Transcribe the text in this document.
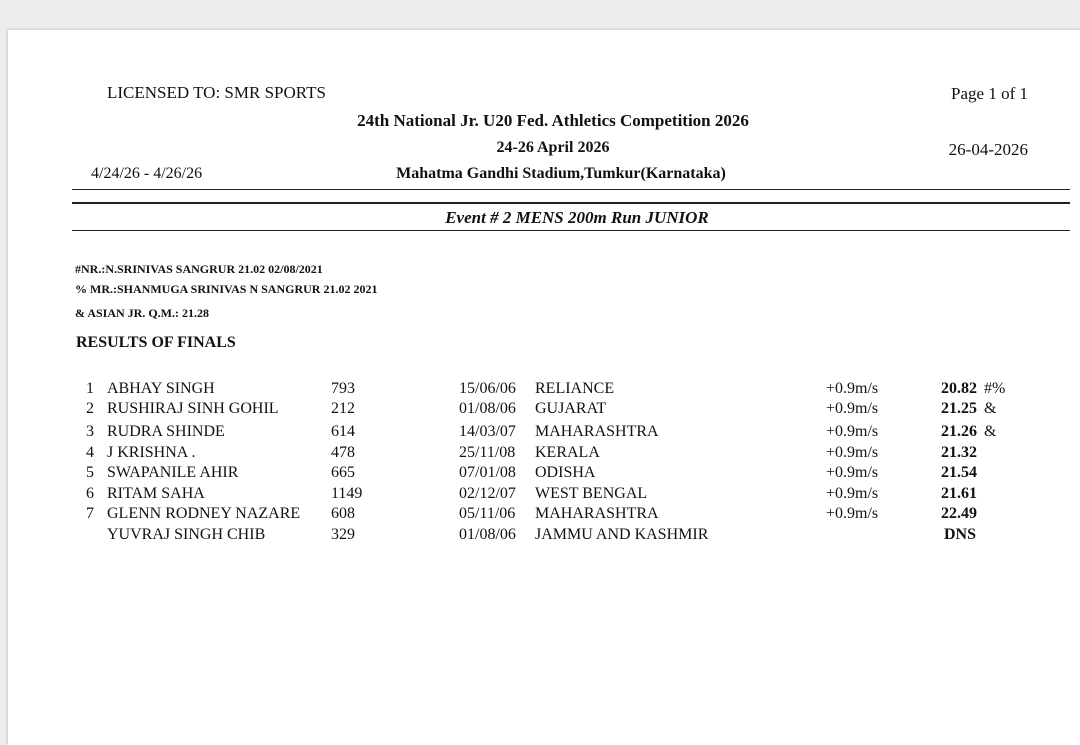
LICENSED TO: SMR SPORTS	Page 1 of 1
24th National Jr. U20 Fed. Athletics Competition 2026
24-26 April 2026	26-04-2026
4/24/26 - 4/26/26	Mahatma Gandhi Stadium,Tumkur(Karnataka)
Event # 2 MENS 200m Run JUNIOR
#NR.:N.SRINIVAS SANGRUR 21.02 02/08/2021
% MR.:SHANMUGA SRINIVAS N SANGRUR 21.02 2021
& ASIAN JR. Q.M.: 21.28
RESULTS OF FINALS
1 ABHAY SINGH	793	15/06/06 RELIANCE	+0.9m/s	20.82 #%
2 RUSHIRAJ SINH GOHIL	212	01/08/06 GUJARAT	+0.9m/s	21.25 &
3 RUDRA SHINDE	614	14/03/07 MAHARASHTRA	+0.9m/s	21.26 &
4 J KRISHNA .	478	25/11/08 KERALA	+0.9m/s	21.32
5 SWAPANILE AHIR	665	07/01/08 ODISHA	+0.9m/s	21.54
6 RITAM SAHA	1149	02/12/07 WEST BENGAL	+0.9m/s	21.61
7 GLENN RODNEY NAZARE 608	05/11/06 MAHARASHTRA	+0.9m/s	22.49
YUVRAJ SINGH CHIB	329	01/08/06 JAMMU AND KASHMIR	DNS
